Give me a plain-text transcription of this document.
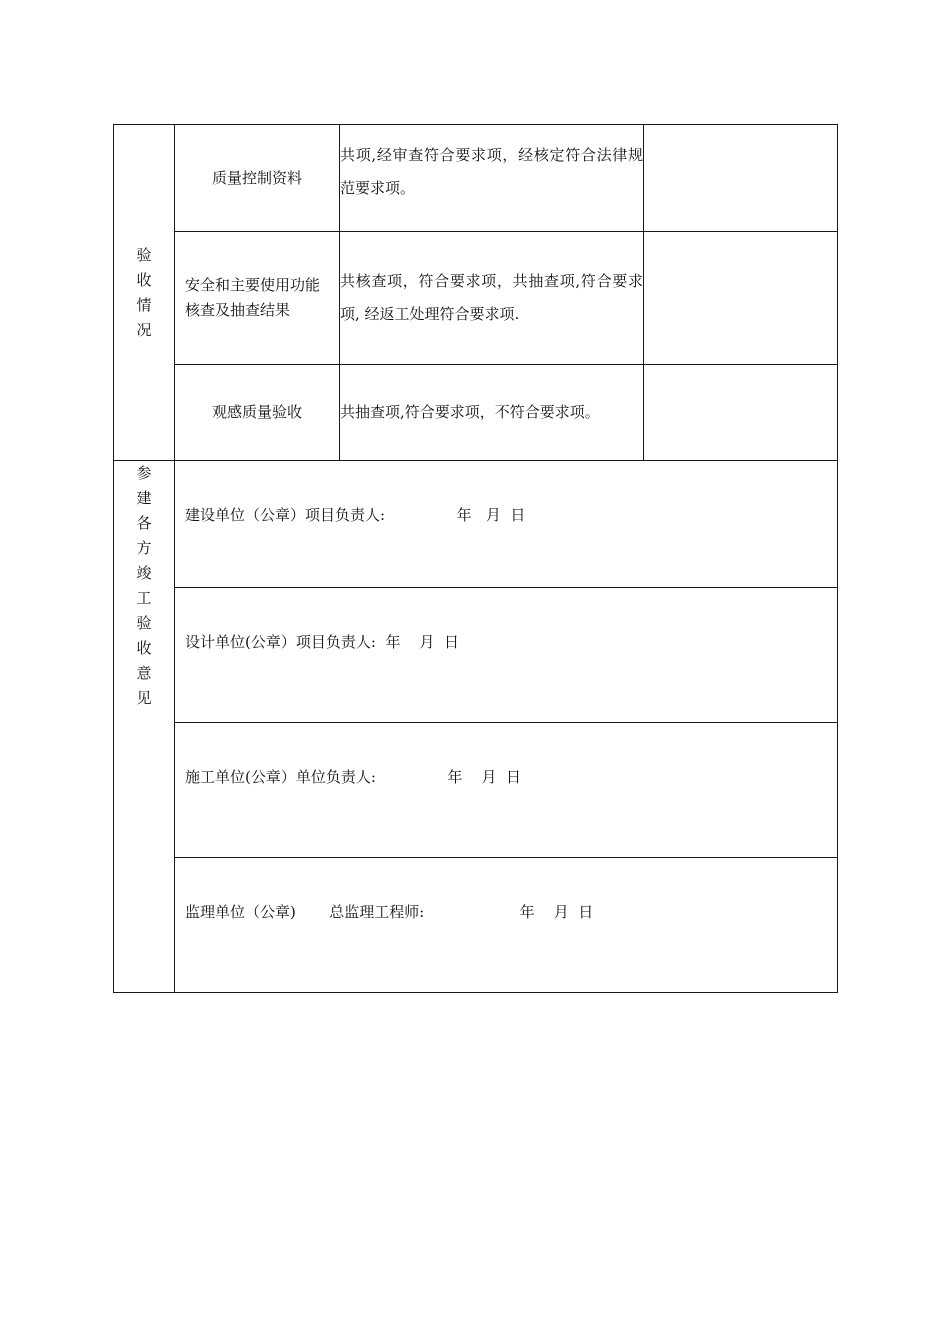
验收情况	质量控制资料	共项,经审查符合要求项，经核定符合法律规范要求项。	
	安全和主要使用功能核查及抽查结果	共核查项，符合要求项，共抽查项,符合要求项, 经返工处理符合要求项.	
	观感质量验收	共抽查项,符合要求项，不符合要求项。	
参建各方竣工验收意见	建设单位（公章）项目负责人:               年   月  日		

	设计单位(公章）项目负责人:  年    月  日		

	施工单位(公章）单位负责人:               年    月  日		

	监理单位（公章)       总监理工程师:                    年    月  日		
